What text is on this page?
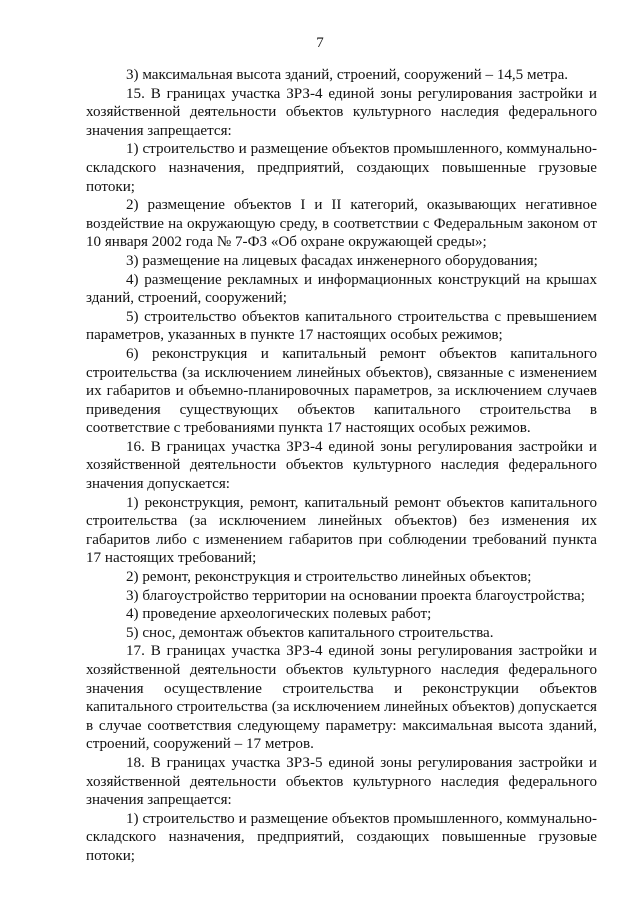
7

3) максимальная высота зданий, строений, сооружений – 14,5 метра.

15. В границах участка ЗРЗ-4 единой зоны регулирования застройки и хозяйственной деятельности объектов культурного наследия федерального значения запрещается:

1) строительство и размещение объектов промышленного, коммунально-складского назначения, предприятий, создающих повышенные грузовые потоки;

2) размещение объектов I и II категорий, оказывающих негативное воздействие на окружающую среду, в соответствии с Федеральным законом от 10 января 2002 года № 7-ФЗ «Об охране окружающей среды»;

3) размещение на лицевых фасадах инженерного оборудования;

4) размещение рекламных и информационных конструкций на крышах зданий, строений, сооружений;

5) строительство объектов капитального строительства с превышением параметров, указанных в пункте 17 настоящих особых режимов;

6) реконструкция и капитальный ремонт объектов капитального строительства (за исключением линейных объектов), связанные с изменением их габаритов и объемно-планировочных параметров, за исключением случаев приведения существующих объектов капитального строительства в соответствие с требованиями пункта 17 настоящих особых режимов.

16. В границах участка ЗРЗ-4 единой зоны регулирования застройки и хозяйственной деятельности объектов культурного наследия федерального значения допускается:

1) реконструкция, ремонт, капитальный ремонт объектов капитального строительства (за исключением линейных объектов) без изменения их габаритов либо с изменением габаритов при соблюдении требований пункта 17 настоящих требований;

2) ремонт, реконструкция и строительство линейных объектов;

3) благоустройство территории на основании проекта благоустройства;

4) проведение археологических полевых работ;

5) снос, демонтаж объектов капитального строительства.

17. В границах участка ЗРЗ-4 единой зоны регулирования застройки и хозяйственной деятельности объектов культурного наследия федерального значения осуществление строительства и реконструкции объектов капитального строительства (за исключением линейных объектов) допускается в случае соответствия следующему параметру: максимальная высота зданий, строений, сооружений – 17 метров.

18. В границах участка ЗРЗ-5 единой зоны регулирования застройки и хозяйственной деятельности объектов культурного наследия федерального значения запрещается:

1) строительство и размещение объектов промышленного, коммунально-складского назначения, предприятий, создающих повышенные грузовые потоки;
